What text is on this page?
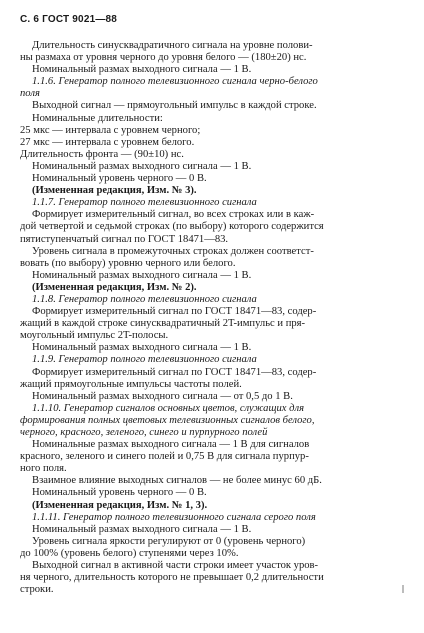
С. 6 ГОСТ 9021—88
Длительность синусквадратичного сигнала на уровне полови-
ны размаха от уровня черного до уровня белого — (180±20) нс.
Номинальный размах выходного сигнала — 1 В.
1.1.6. Генератор полного телевизионного сигнала черно-белого
поля
Выходной сигнал — прямоугольный импульс в каждой строке.
Номинальные длительности:
25 мкс — интервала с уровнем черного;
27 мкс — интервала с уровнем белого.
Длительность фронта — (90±10) нс.
Номинальный размах выходного сигнала — 1 В.
Номинальный уровень черного — 0 В.
(Измененная редакция, Изм. № 3).
1.1.7. Генератор полного телевизионного сигнала
Формирует измерительный сигнал, во всех строках или в каж-
дой четвертой и седьмой строках (по выбору) которого содержится
пятиступенчатый сигнал по ГОСТ 18471—83.
Уровень сигнала в промежуточных строках должен соответст-
вовать (по выбору) уровню черного или белого.
Номинальный размах выходного сигнала — 1 В.
(Измененная редакция, Изм. № 2).
1.1.8. Генератор полного телевизионного сигнала
Формирует измерительный сигнал по ГОСТ 18471—83, содер-
жащий в каждой строке синусквадратичный 2T-импульс и пря-
моугольный импульс 2T-полосы.
Номинальный размах выходного сигнала — 1 В.
1.1.9. Генератор полного телевизионного сигнала
Формирует измерительный сигнал по ГОСТ 18471—83, содер-
жащий прямоугольные импульсы частоты полей.
Номинальный размах выходного сигнала — от 0,5 до 1 В.
1.1.10. Генератор сигналов основных цветов, служащих для
формирования полных цветовых телевизионных сигналов белого,
черного, красного, зеленого, синего и пурпурного полей
Номинальные размах выходного сигнала — 1 В для сигналов
красного, зеленого и синего полей и 0,75 В для сигнала пурпур-
ного поля.
Взаимное влияние выходных сигналов — не более минус 60 дБ.
Номинальный уровень черного — 0 В.
(Измененная редакция, Изм. № 1, 3).
1.1.11. Генератор полного телевизионного сигнала серого поля
Номинальный размах выходного сигнала — 1 В.
Уровень сигнала яркости регулируют от 0 (уровень черного)
до 100% (уровень белого) ступенями через 10%.
Выходной сигнал в активной части строки имеет участок уров-
ня черного, длительность которого не превышает 0,2 длительности
строки.
